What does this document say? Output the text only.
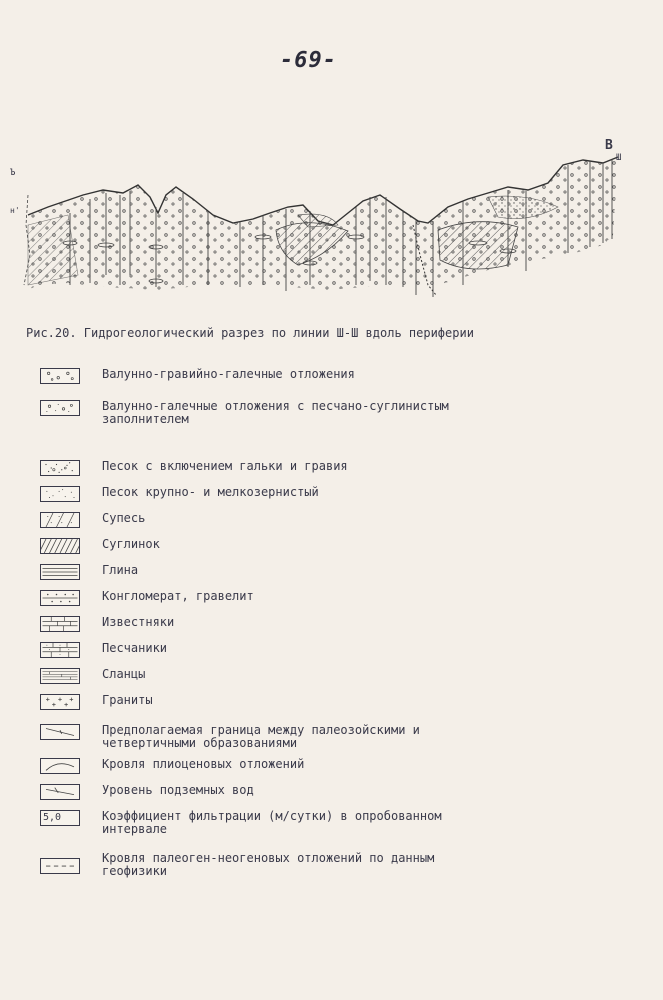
-69-
B
Ш
Ъ
н'
Рис.20. Гидрогеологический разрез по линии Ш-Ш вдоль периферии
Валунно-гравийно-галечные отложения
Валунно-галечные отложения с песчано-суглинистым
заполнителем
Песок с включением гальки и гравия
Песок крупно- и мелкозернистый
Супесь
Суглинок
Глина
Конгломерат, гравелит
Известняки
Песчаники
Сланцы
Граниты
Предполагаемая граница между палеозойскими и
четвертичными образованиями
Кровля плиоценовых отложений
Уровень подземных вод
5,0	Коэффициент фильтрации (м/сутки) в опробованном
интервале
Кровля палеоген-неогеновых отложений по данным
геофизики
